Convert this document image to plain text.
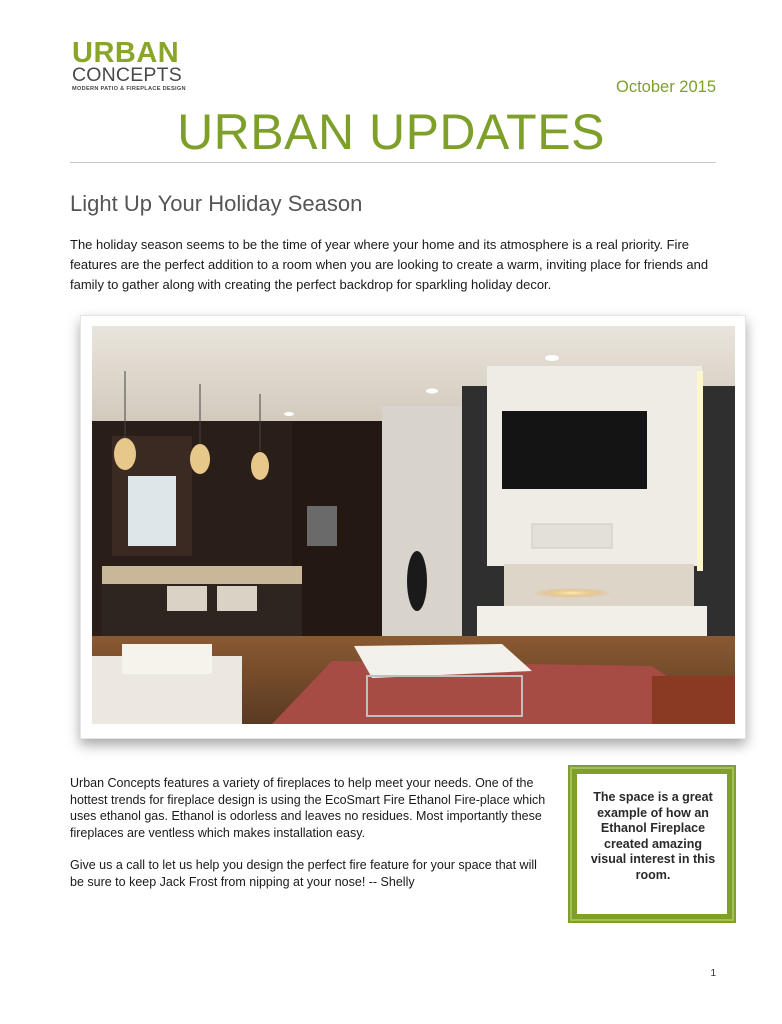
URBAN
CONCEPTS
MODERN PATIO & FIREPLACE DESIGN	October 2015
URBAN UPDATES
Light Up Your Holiday Season

The holiday season seems to be the time of year where your home and its atmosphere is a real priority. Fire features are the perfect addition to a room when you are looking to create a warm, inviting place for friends and family to gather along with creating the perfect backdrop for sparkling holiday decor.

Urban Concepts features a variety of fireplaces to help meet your needs. One of the hottest trends for fireplace design is using the EcoSmart Fire Ethanol Fire-place which uses ethanol gas. Ethanol is odorless and leaves no residues. Most importantly these fireplaces are ventless which makes installation easy.

Give us a call to let us help you design the perfect fire feature for your space that will be sure to keep Jack Frost from nipping at your nose! -- Shelly

The space is a great example of how an Ethanol Fireplace created amazing visual interest in this room.
1
